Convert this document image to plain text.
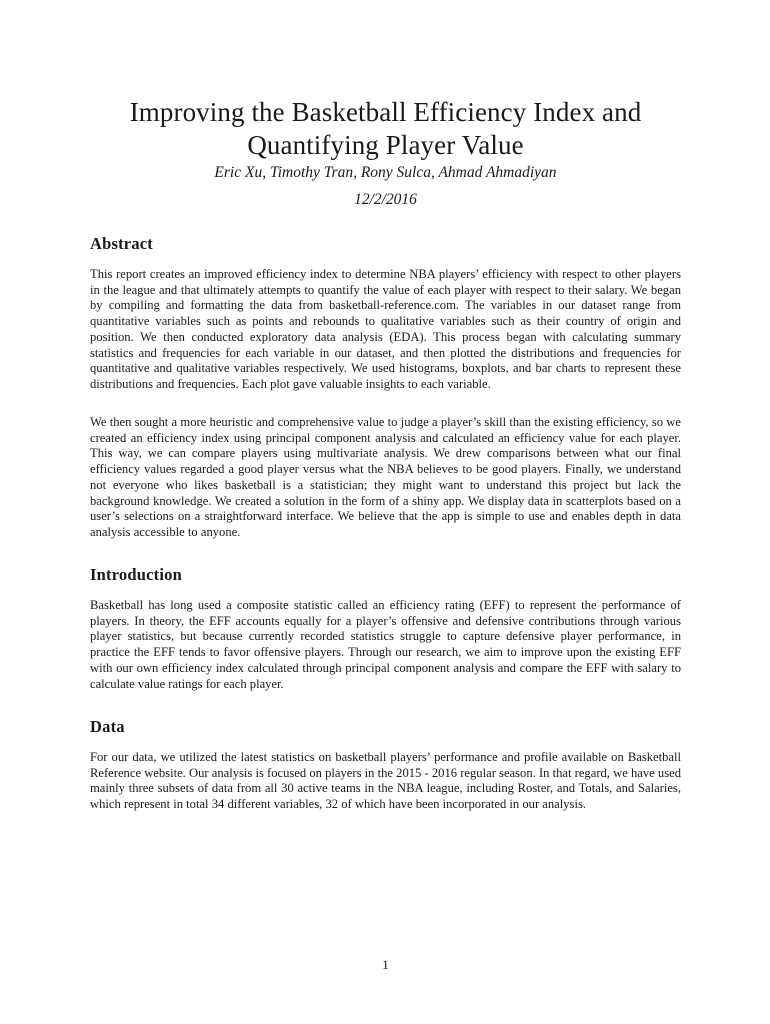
Improving the Basketball Efficiency Index and
Quantifying Player Value
Eric Xu, Timothy Tran, Rony Sulca, Ahmad Ahmadiyan
12/2/2016
Abstract

This report creates an improved efficiency index to determine NBA players’ efficiency with respect to other players in the league and that ultimately attempts to quantify the value of each player with respect to their salary. We began by compiling and formatting the data from basketball-reference.com. The variables in our dataset range from quantitative variables such as points and rebounds to qualitative variables such as their country of origin and position. We then conducted exploratory data analysis (EDA). This process began with calculating summary statistics and frequencies for each variable in our dataset, and then plotted the distributions and frequencies for quantitative and qualitative variables respectively. We used histograms, boxplots, and bar charts to represent these distributions and frequencies. Each plot gave valuable insights to each variable.

We then sought a more heuristic and comprehensive value to judge a player’s skill than the existing efficiency, so we created an efficiency index using principal component analysis and calculated an efficiency value for each player. This way, we can compare players using multivariate analysis. We drew comparisons between what our final efficiency values regarded a good player versus what the NBA believes to be good players. Finally, we understand not everyone who likes basketball is a statistician; they might want to understand this project but lack the background knowledge. We created a solution in the form of a shiny app. We display data in scatterplots based on a user’s selections on a straightforward interface. We believe that the app is simple to use and enables depth in data analysis accessible to anyone.

Introduction

Basketball has long used a composite statistic called an efficiency rating (EFF) to represent the performance of players. In theory, the EFF accounts equally for a player’s offensive and defensive contributions through various player statistics, but because currently recorded statistics struggle to capture defensive player performance, in practice the EFF tends to favor offensive players. Through our research, we aim to improve upon the existing EFF with our own efficiency index calculated through principal component analysis and compare the EFF with salary to calculate value ratings for each player.

Data

For our data, we utilized the latest statistics on basketball players’ performance and profile available on Basketball Reference website. Our analysis is focused on players in the 2015 - 2016 regular season. In that regard, we have used mainly three subsets of data from all 30 active teams in the NBA league, including Roster, and Totals, and Salaries, which represent in total 34 different variables, 32 of which have been incorporated in our analysis.

1
